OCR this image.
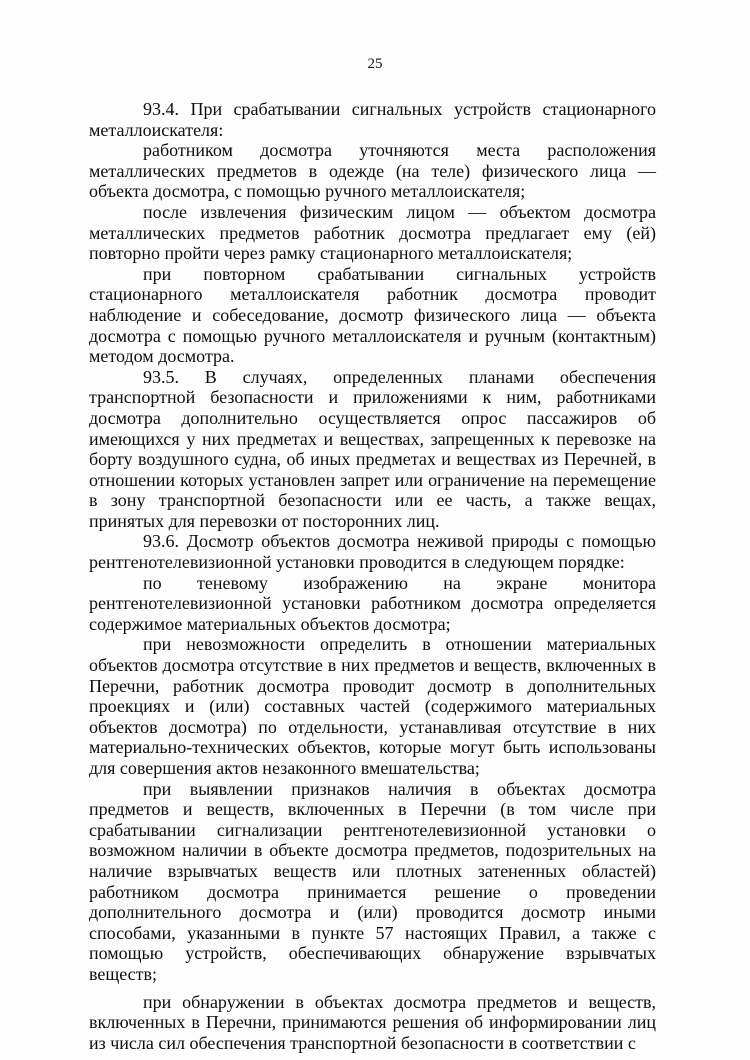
25

93.4. При срабатывании сигнальных устройств стационарного металлоискателя:

работником досмотра уточняются места расположения металлических предметов в одежде (на теле) физического лица — объекта досмотра, с помощью ручного металлоискателя;

после извлечения физическим лицом — объектом досмотра металлических предметов работник досмотра предлагает ему (ей) повторно пройти через рамку стационарного металлоискателя;

при повторном срабатывании сигнальных устройств стационарного металлоискателя работник досмотра проводит наблюдение и собеседование, досмотр физического лица — объекта досмотра с помощью ручного металлоискателя и ручным (контактным) методом досмотра.

93.5. В случаях, определенных планами обеспечения транспортной безопасности и приложениями к ним, работниками досмотра дополнительно осуществляется опрос пассажиров об имеющихся у них предметах и веществах, запрещенных к перевозке на борту воздушного судна, об иных предметах и веществах из Перечней, в отношении которых установлен запрет или ограничение на перемещение в зону транспортной безопасности или ее часть, а также вещах, принятых для перевозки от посторонних лиц.

93.6. Досмотр объектов досмотра неживой природы с помощью рентгенотелевизионной установки проводится в следующем порядке:

по теневому изображению на экране монитора рентгенотелевизионной установки работником досмотра определяется содержимое материальных объектов досмотра;

при невозможности определить в отношении материальных объектов досмотра отсутствие в них предметов и веществ, включенных в Перечни, работник досмотра проводит досмотр в дополнительных проекциях и (или) составных частей (содержимого материальных объектов досмотра) по отдельности, устанавливая отсутствие в них материально-технических объектов, которые могут быть использованы для совершения актов незаконного вмешательства;

при выявлении признаков наличия в объектах досмотра предметов и веществ, включенных в Перечни (в том числе при срабатывании сигнализации рентгенотелевизионной установки о возможном наличии в объекте досмотра предметов, подозрительных на наличие взрывчатых веществ или плотных затененных областей) работником досмотра принимается решение о проведении дополнительного досмотра и (или) проводится досмотр иными способами, указанными в пункте 57 настоящих Правил, а также с помощью устройств, обеспечивающих обнаружение взрывчатых веществ;

при обнаружении в объектах досмотра предметов и веществ, включенных в Перечни, принимаются решения об информировании лиц из числа сил обеспечения транспортной безопасности в соответствии с
